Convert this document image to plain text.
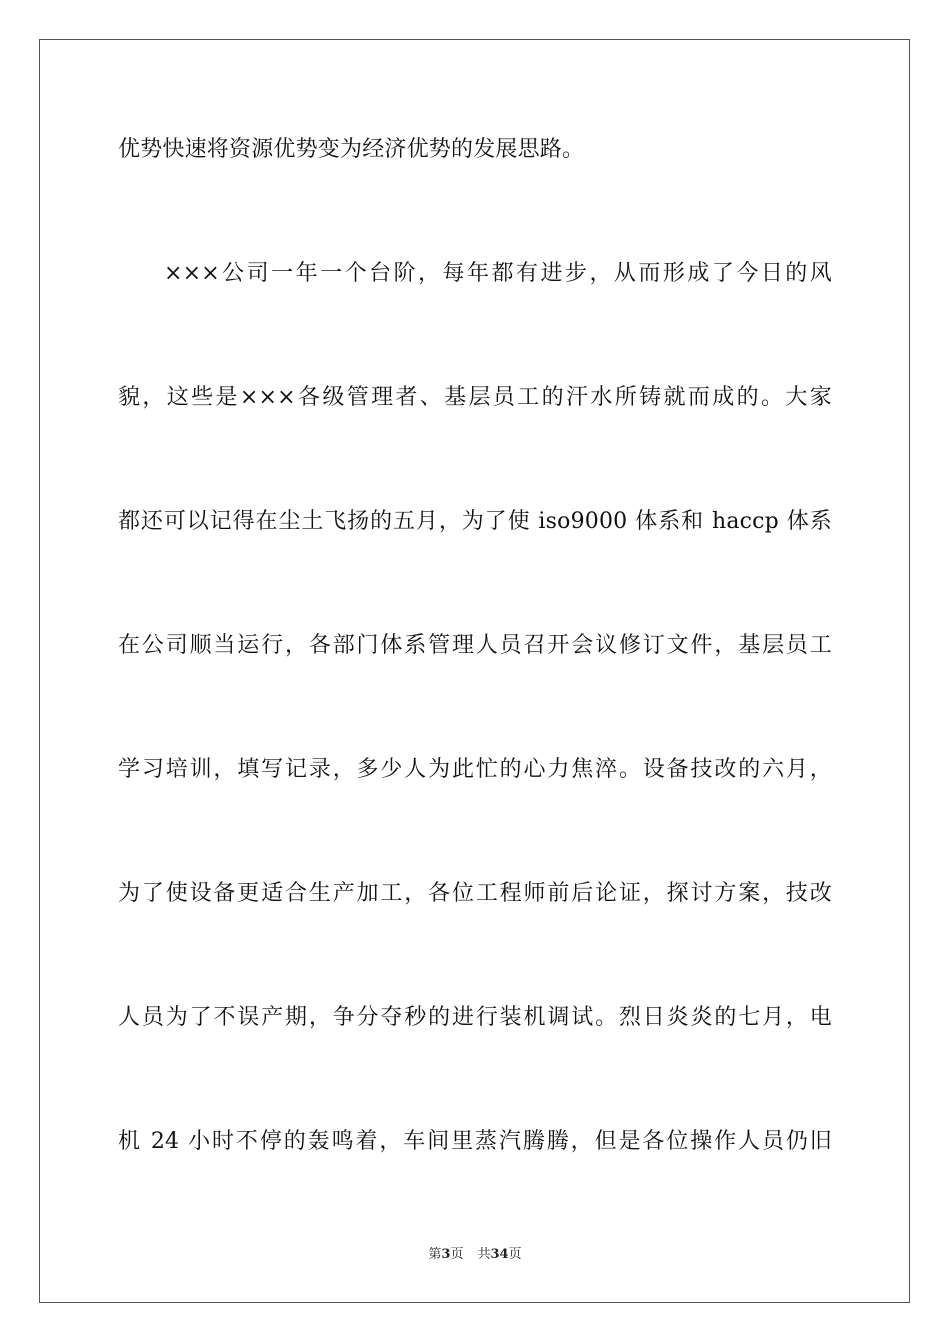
优势快速将资源优势变为经济优势的发展思路。
×××公司一年一个台阶，每年都有进步，从而形成了今日的风
貌，这些是×××各级管理者、基层员工的汗水所铸就而成的。大家
都还可以记得在尘土飞扬的五月，为了使 iso9000 体系和 haccp 体系
在公司顺当运行，各部门体系管理人员召开会议修订文件，基层员工
学习培训，填写记录，多少人为此忙的心力焦淬。设备技改的六月，
为了使设备更适合生产加工，各位工程师前后论证，探讨方案，技改
人员为了不误产期，争分夺秒的进行装机调试。烈日炎炎的七月，电
机 24 小时不停的轰鸣着，车间里蒸汽腾腾，但是各位操作人员仍旧
第3页 共34页
